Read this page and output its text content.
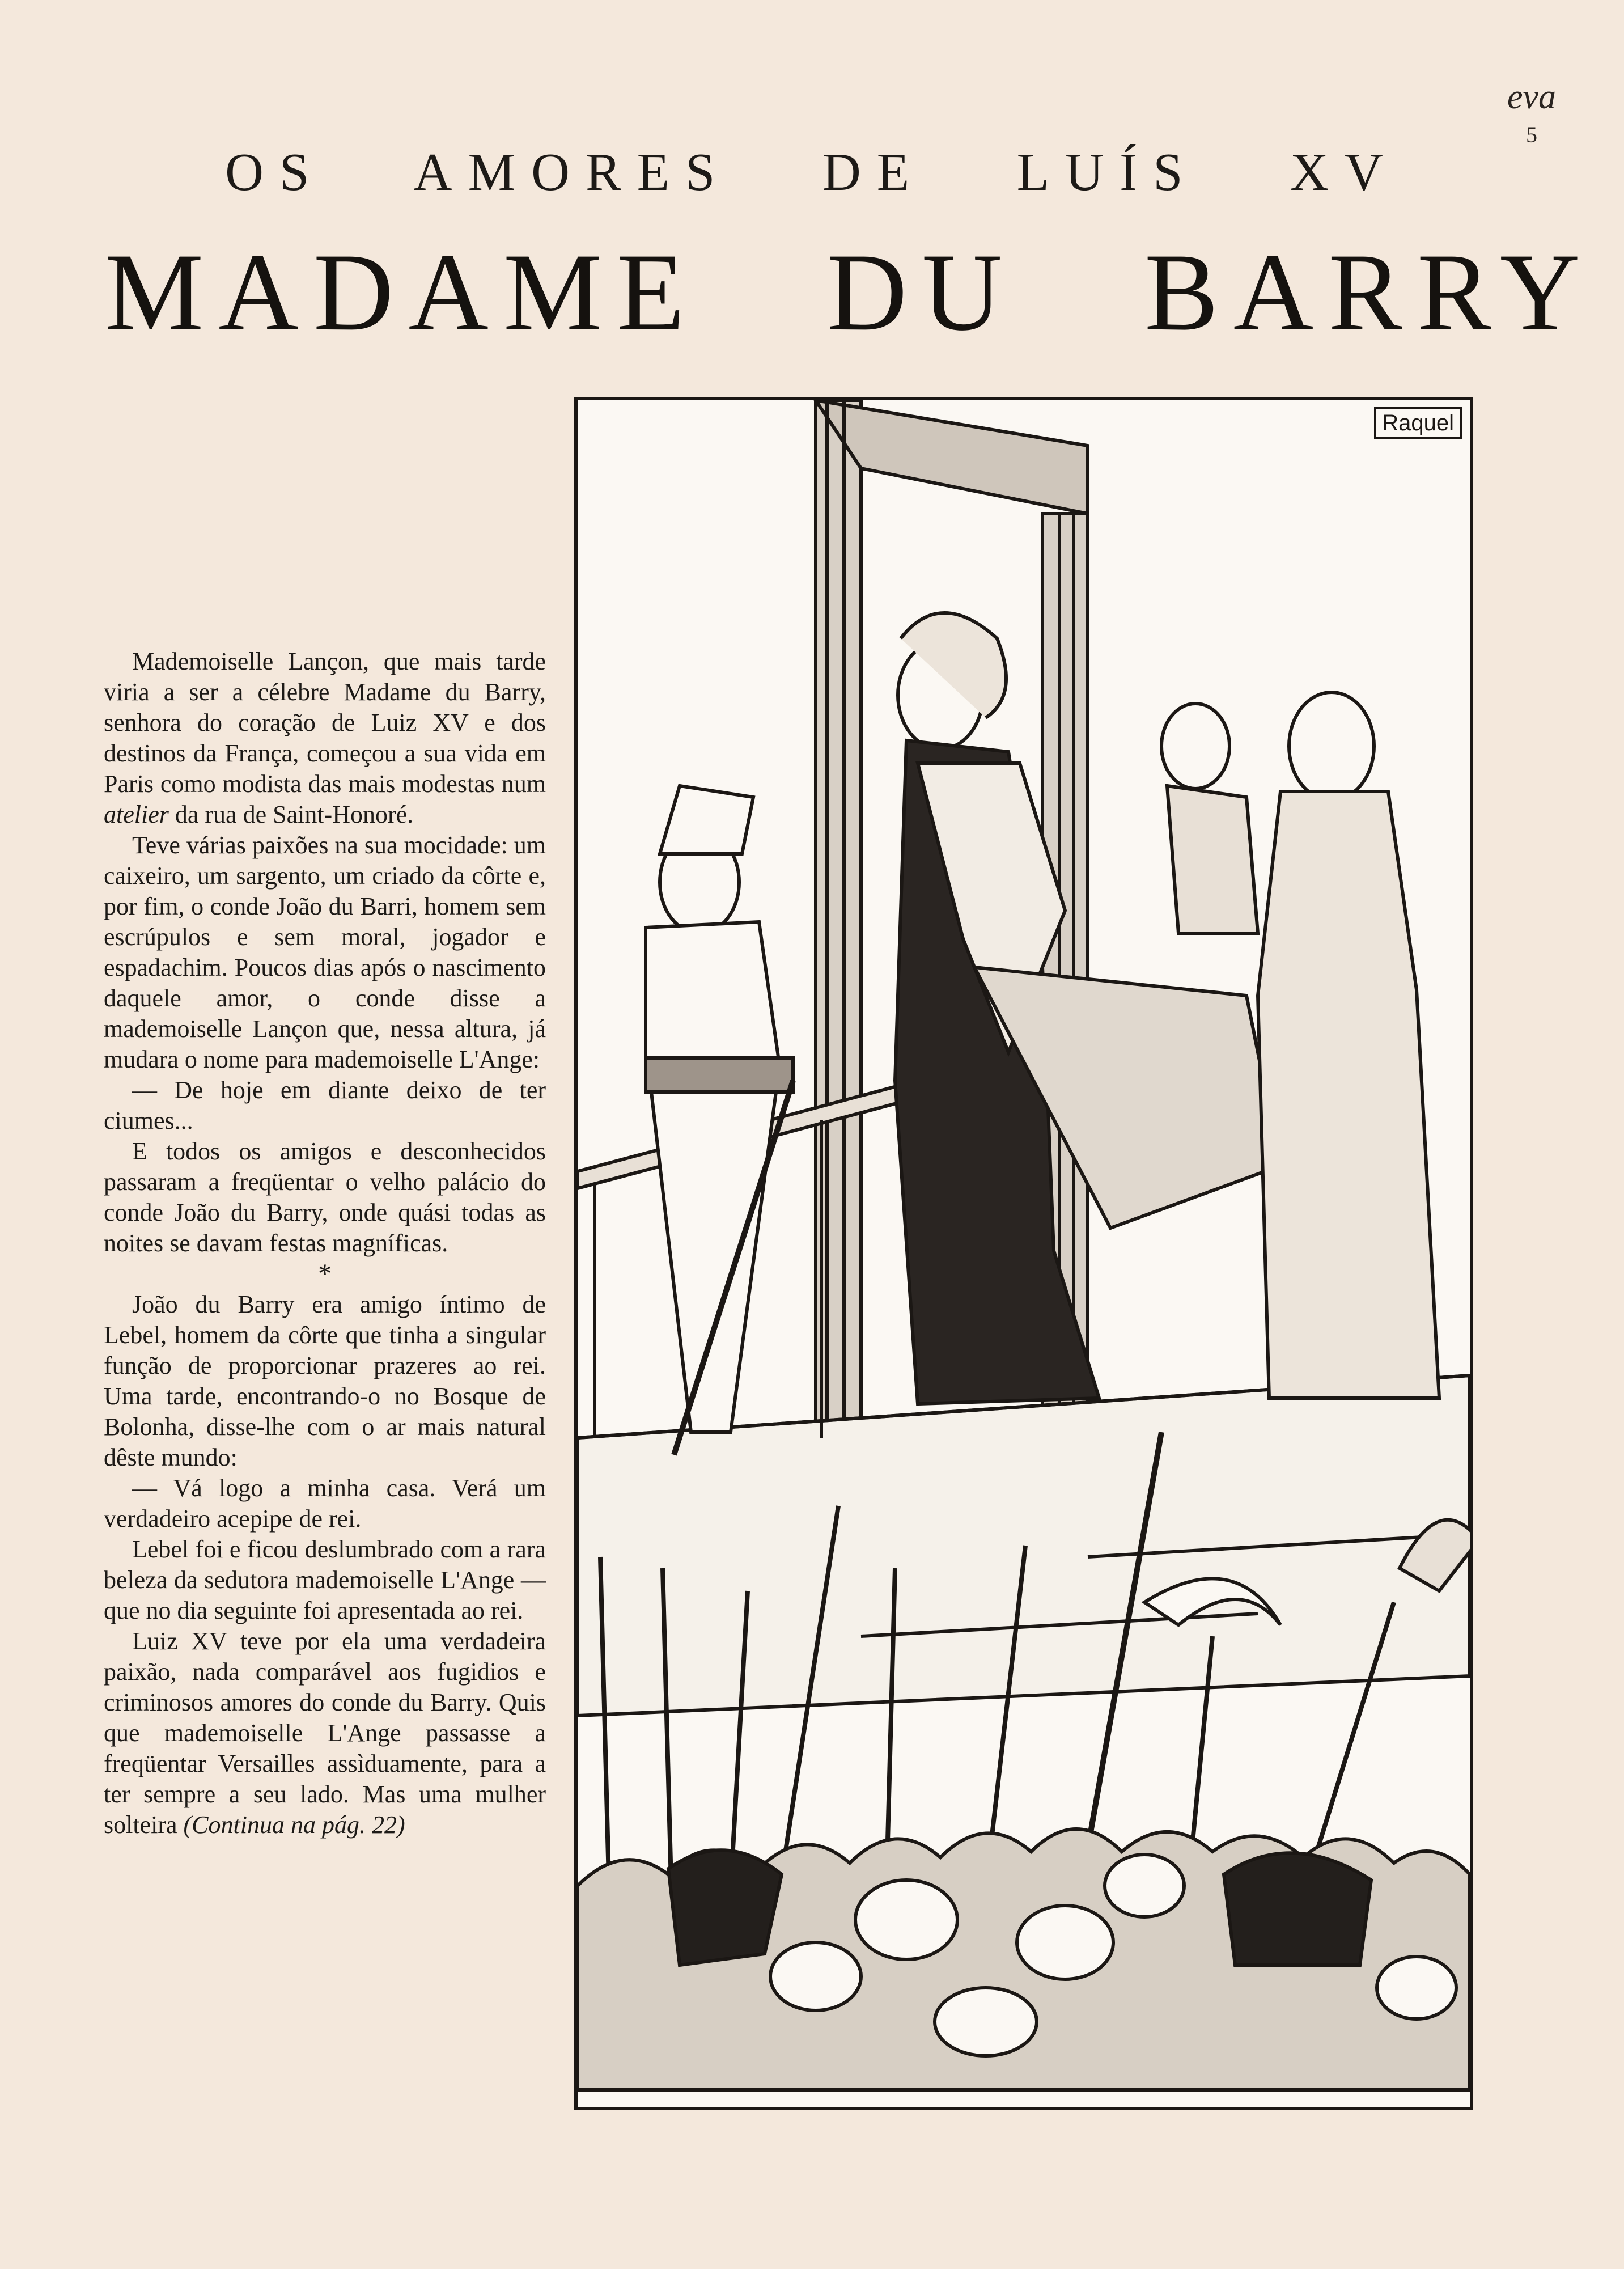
eva
5
OS AMORES DE LUÍS XV
MADAME DU BARRY

Mademoiselle Lançon, que mais tarde viria a ser a célebre Madame du Barry, senhora do coração de Luiz XV e dos destinos da França, começou a sua vida em Paris como modista das mais modestas num atelier da rua de Saint-Honoré.

Teve várias paixões na sua mocidade: um caixeiro, um sargento, um criado da côrte e, por fim, o conde João du Barri, homem sem escrúpulos e sem moral, jogador e espadachim. Poucos dias após o nascimento daquele amor, o conde disse a mademoiselle Lançon que, nessa altura, já mudara o nome para mademoiselle L'Ange:

— De hoje em diante deixo de ter ciumes...

E todos os amigos e desconhecidos passaram a freqüentar o velho palácio do conde João du Barry, onde quási todas as noites se davam festas magníficas.

*

João du Barry era amigo íntimo de Lebel, homem da côrte que tinha a singular função de proporcionar prazeres ao rei. Uma tarde, encontrando-o no Bosque de Bolonha, disse-lhe com o ar mais natural dêste mundo:

— Vá logo a minha casa. Verá um verdadeiro acepipe de rei.

Lebel foi e ficou deslumbrado com a rara beleza da sedutora mademoiselle L'Ange — que no dia seguinte foi apresentada ao rei.

Luiz XV teve por ela uma verdadeira paixão, nada comparável aos fugidios e criminosos amores do conde du Barry. Quis que mademoiselle L'Ange passasse a freqüentar Versailles assìduamente, para a ter sempre a seu lado. Mas uma mulher solteira (Continua na pág. 22)

Raquel
